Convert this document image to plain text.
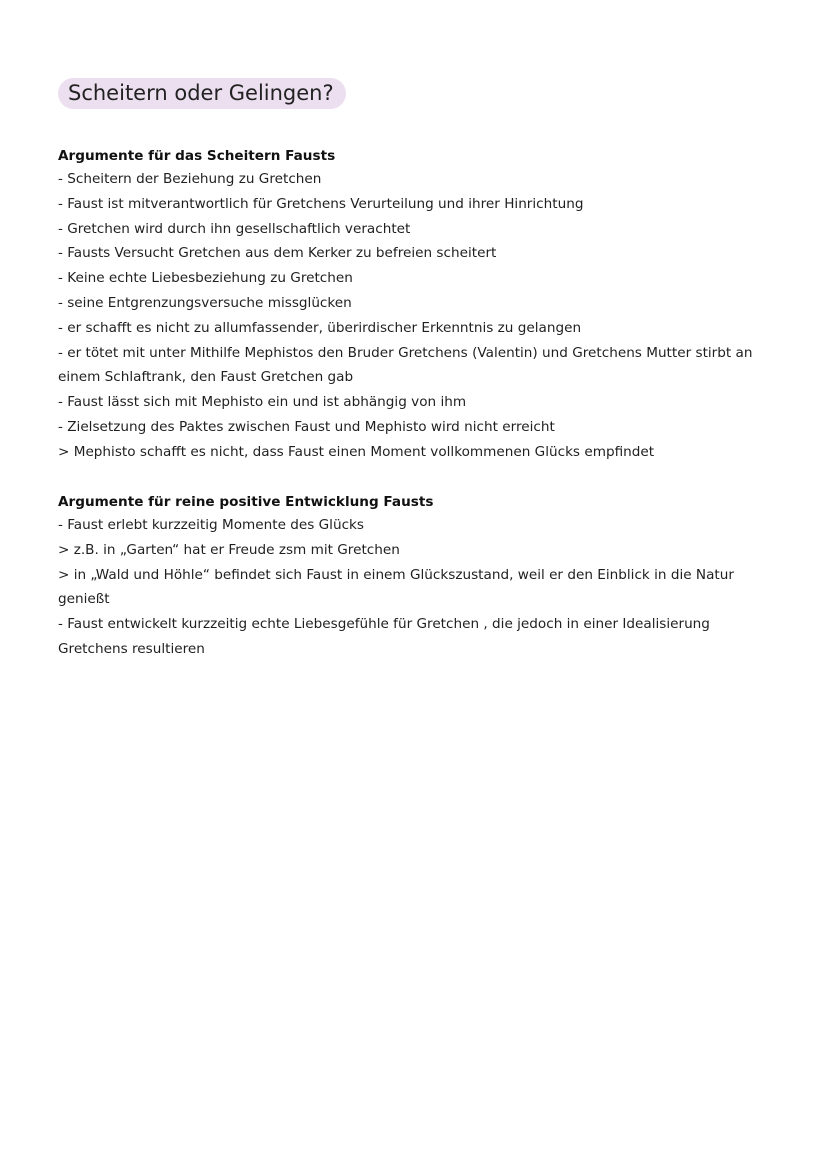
Scheitern oder Gelingen?
Argumente für das Scheitern Fausts
- Scheitern der Beziehung zu Gretchen
- Faust ist mitverantwortlich für Gretchens Verurteilung und ihrer Hinrichtung
- Gretchen wird durch ihn gesellschaftlich verachtet
- Fausts Versucht Gretchen aus dem Kerker zu befreien scheitert
- Keine echte Liebesbeziehung zu Gretchen
- seine Entgrenzungsversuche missglücken
- er schafft es nicht zu allumfassender, überirdischer Erkenntnis zu gelangen
- er tötet mit unter Mithilfe Mephistos den Bruder Gretchens (Valentin) und Gretchens Mutter stirbt an
einem Schlaftrank, den Faust Gretchen gab
- Faust lässt sich mit Mephisto ein und ist abhängig von ihm
- Zielsetzung des Paktes zwischen Faust und Mephisto wird nicht erreicht
> Mephisto schafft es nicht, dass Faust einen Moment vollkommenen Glücks empfindet
Argumente für reine positive Entwicklung Fausts
- Faust erlebt kurzzeitig Momente des Glücks
> z.B. in „Garten“ hat er Freude zsm mit Gretchen
> in „Wald und Höhle“ befindet sich Faust in einem Glückszustand, weil er den Einblick in die Natur
genießt
- Faust entwickelt kurzzeitig echte Liebesgefühle für Gretchen , die jedoch in einer Idealisierung
Gretchens resultieren
